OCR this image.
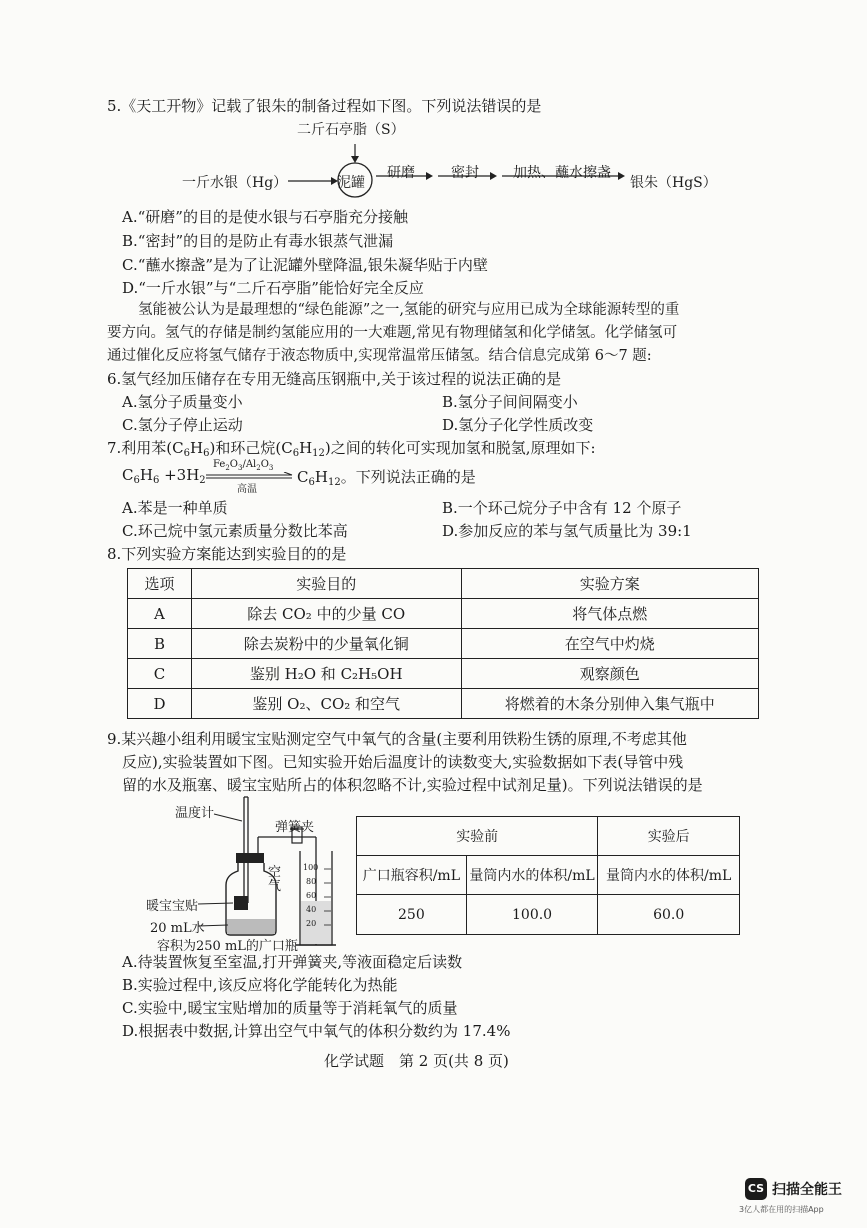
5.《天工开物》记载了银朱的制备过程如下图。下列说法错误的是
二斤石亭脂（S）
一斤水银（Hg）	泥罐
研磨	密封 加热、蘸水擦盏
银朱（HgS）
A.“研磨”的目的是使水银与石亭脂充分接触
B.“密封”的目的是防止有毒水银蒸气泄漏
C.“蘸水擦盏”是为了让泥罐外壁降温,银朱凝华贴于内壁
D.“一斤水银”与“二斤石亭脂”能恰好完全反应
氢能被公认为是最理想的“绿色能源”之一,氢能的研究与应用已成为全球能源转型的重
要方向。氢气的存储是制约氢能应用的一大难题,常见有物理储氢和化学储氢。化学储氢可
通过催化反应将氢气储存于液态物质中,实现常温常压储氢。结合信息完成第 6～7 题:
6.氢气经加压储存在专用无缝高压钢瓶中,关于该过程的说法正确的是
A.氢分子质量变小	B.氢分子间间隔变小
C.氢分子停止运动	D.氢分子化学性质改变
7.利用苯$(C_6H_6)$和环己烷$(C_6H_{12})$之间的转化可实现加氢和脱氢,原理如下:
$C_6H_6 +3H_2$
$Fe_2O_3/Al_2O_3$
高温
$C_6H_{12}$。下列说法正确的是
A.苯是一种单质	B.一个环己烷分子中含有 12 个原子
C.环己烷中氢元素质量分数比苯高	D.参加反应的苯与氢气质量比为 39:1
8.下列实验方案能达到实验目的的是
选项	实验目的	实验方案
A	除去 CO₂ 中的少量 CO	将气体点燃
B	除去炭粉中的少量氧化铜	在空气中灼烧
C	鉴别 H₂O 和 C₂H₅OH	观察颜色
D	鉴别 O₂、CO₂ 和空气	将燃着的木条分别伸入集气瓶中
9.某兴趣小组利用暖宝宝贴测定空气中氧气的含量(主要利用铁粉生锈的原理,不考虑其他
反应),实验装置如下图。已知实验开始后温度计的读数变大,实验数据如下表(导管中残
留的水及瓶塞、暖宝宝贴所占的体积忽略不计,实验过程中试剂足量)。下列说法错误的是
温度计
弹簧夹
空气
暖宝宝贴
20 mL水
容积为250 mL的广口瓶
100
80
60
40
20
实验前		实验后
广口瓶容积/mL	量筒内水的体积/mL	量筒内水的体积/mL
250	100.0	60.0
A.待装置恢复至室温,打开弹簧夹,等液面稳定后读数
B.实验过程中,该反应将化学能转化为热能
C.实验中,暖宝宝贴增加的质量等于消耗氧气的质量
D.根据表中数据,计算出空气中氧气的体积分数约为 17.4%
化学试题　第 2 页(共 8 页)
CS 扫描全能王
3亿人都在用的扫描App
